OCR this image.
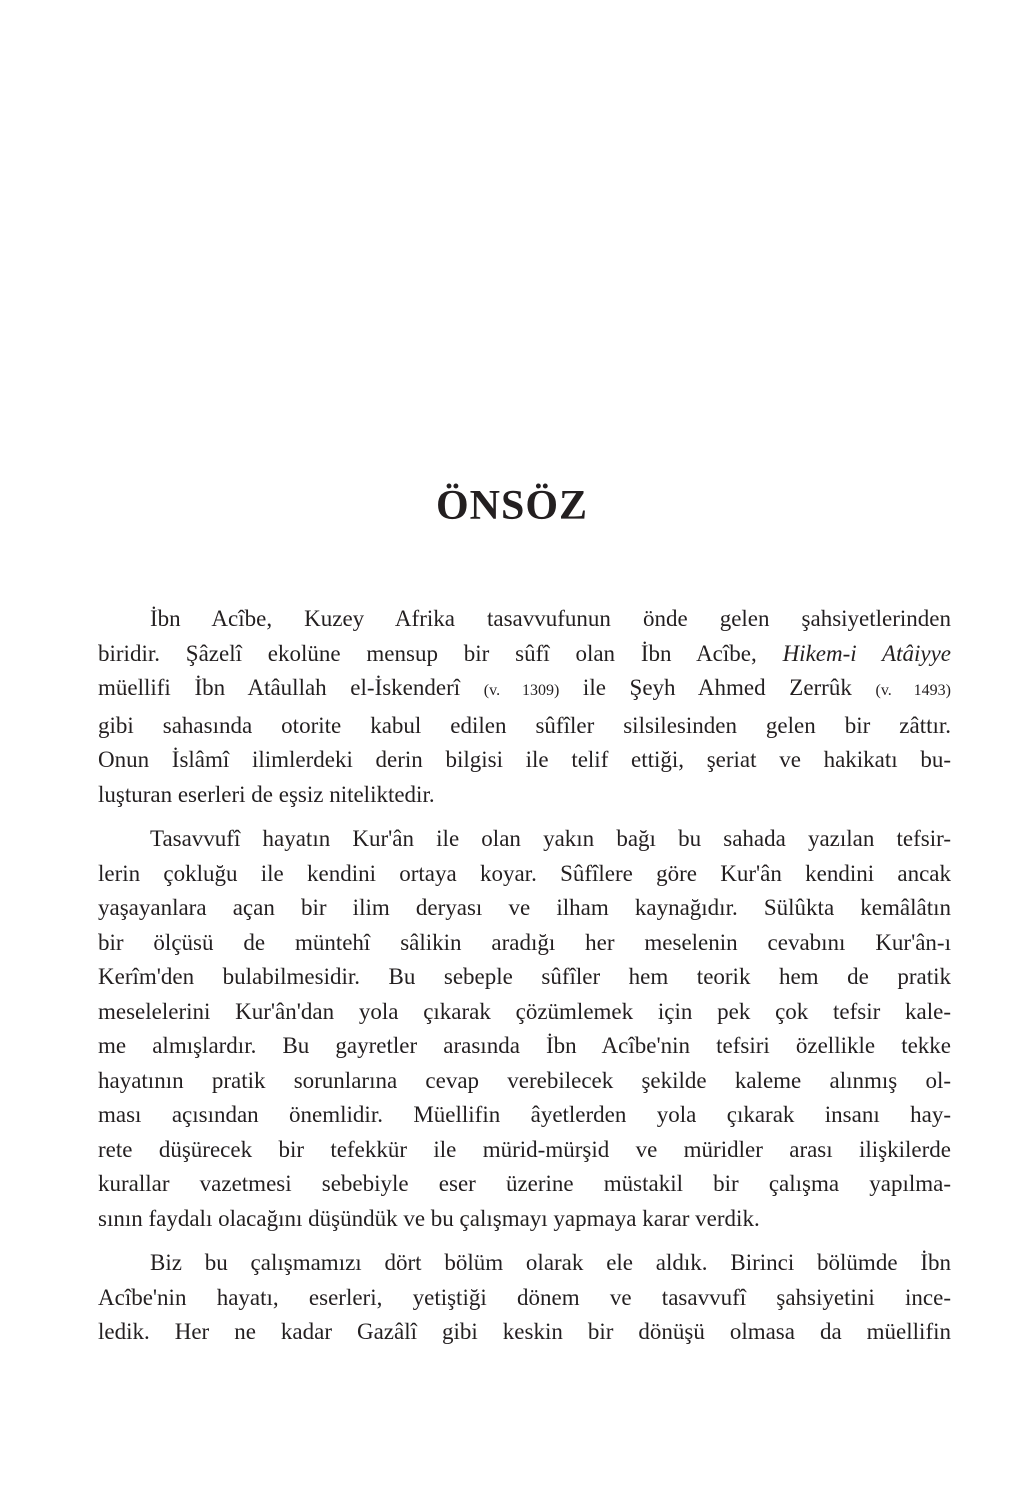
ÖNSÖZ

İbn Acîbe, Kuzey Afrika tasavvufunun önde gelen şahsiyetlerinden
biridir. Şâzelî ekolüne mensup bir sûfî olan İbn Acîbe, Hikem-i Atâiyye
müellifi İbn Atâullah el-İskenderî (v. 1309) ile Şeyh Ahmed Zerrûk (v. 1493)
gibi sahasında otorite kabul edilen sûfîler silsilesinden gelen bir zâttır.
Onun İslâmî ilimlerdeki derin bilgisi ile telif ettiği, şeriat ve hakikatı bu-
luşturan eserleri de eşsiz niteliktedir.

Tasavvufî hayatın Kur'ân ile olan yakın bağı bu sahada yazılan tefsir-
lerin çokluğu ile kendini ortaya koyar. Sûfîlere göre Kur'ân kendini ancak
yaşayanlara açan bir ilim deryası ve ilham kaynağıdır. Sülûkta kemâlâtın
bir ölçüsü de müntehî sâlikin aradığı her meselenin cevabını Kur'ân-ı
Kerîm'den bulabilmesidir. Bu sebeple sûfîler hem teorik hem de pratik
meselelerini Kur'ân'dan yola çıkarak çözümlemek için pek çok tefsir kale-
me almışlardır. Bu gayretler arasında İbn Acîbe'nin tefsiri özellikle tekke
hayatının pratik sorunlarına cevap verebilecek şekilde kaleme alınmış ol-
ması açısından önemlidir. Müellifin âyetlerden yola çıkarak insanı hay-
rete düşürecek bir tefekkür ile mürid-mürşid ve müridler arası ilişkilerde
kurallar vazetmesi sebebiyle eser üzerine müstakil bir çalışma yapılma-
sının faydalı olacağını düşündük ve bu çalışmayı yapmaya karar verdik.

Biz bu çalışmamızı dört bölüm olarak ele aldık. Birinci bölümde İbn
Acîbe'nin hayatı, eserleri, yetiştiği dönem ve tasavvufî şahsiyetini ince-
ledik. Her ne kadar Gazâlî gibi keskin bir dönüşü olmasa da müellifin
